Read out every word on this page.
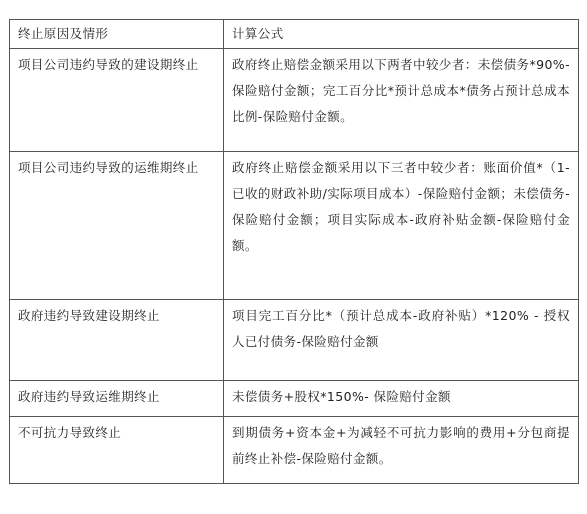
终止原因及情形	计算公式
项目公司违约导致的建设期终止	政府终止赔偿金额采用以下两者中较少者：未偿债务*90%-保险赔付金额；完工百分比*预计总成本*债务占预计总成本比例-保险赔付金额。
项目公司违约导致的运维期终止	政府终止赔偿金额采用以下三者中较少者：账面价值*（1-已收的财政补助/实际项目成本）-保险赔付金额；未偿债务-保险赔付金额；项目实际成本-政府补贴金额-保险赔付金额。
政府违约导致建设期终止	项目完工百分比*（预计总成本-政府补贴）*120% - 授权人已付债务-保险赔付金额
政府违约导致运维期终止	未偿债务+股权*150%- 保险赔付金额
不可抗力导致终止	到期债务+资本金+为减轻不可抗力影响的费用+分包商提前终止补偿-保险赔付金额。
